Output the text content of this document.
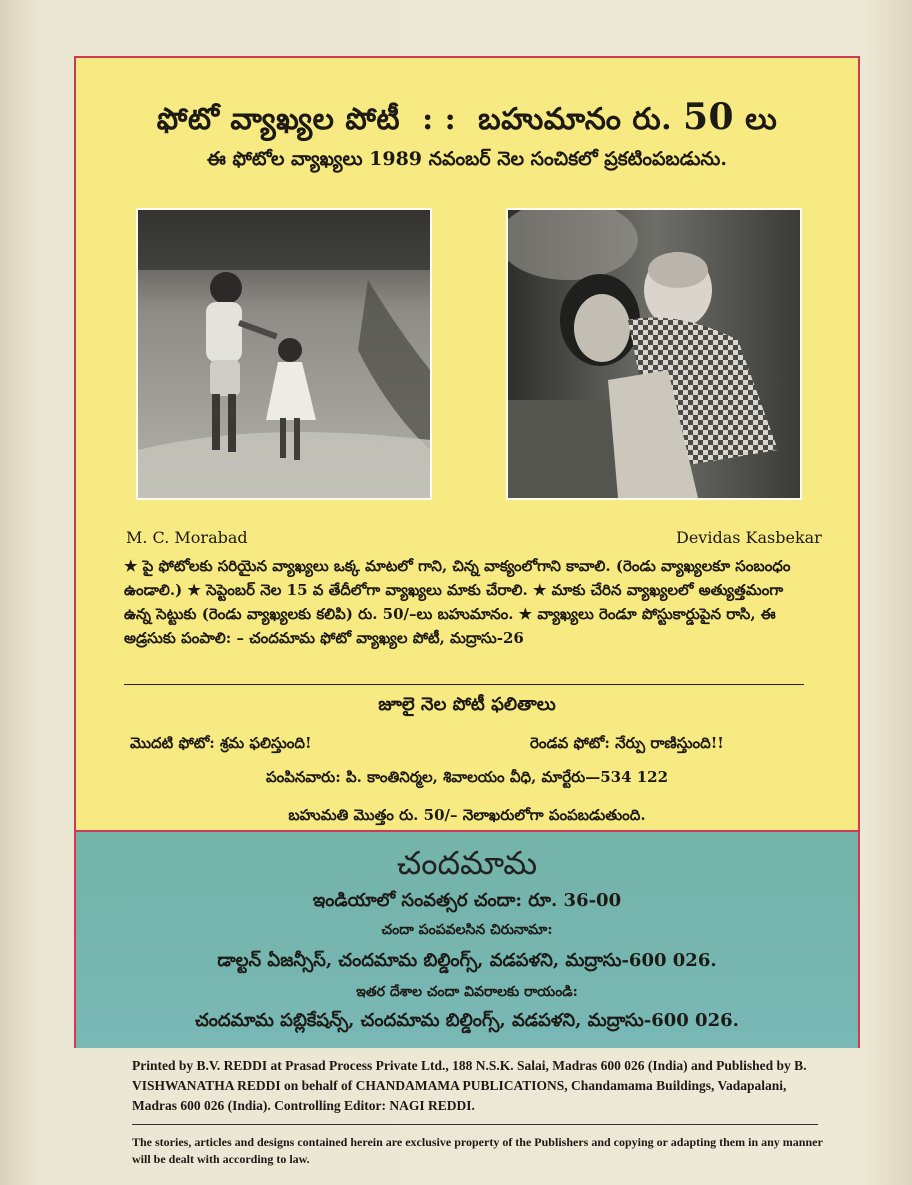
ఫోటో వ్యాఖ్యల పోటీ : : బహుమానం రు. 50 లు
ఈ ఫోటోల వ్యాఖ్యలు 1989 నవంబర్ నెల సంచికలో ప్రకటింపబడును.
M. C. Morabad	Devidas Kasbekar
★ పై ఫోటోలకు సరియైన వ్యాఖ్యలు ఒక్క మాటలో గాని, చిన్న వాక్యంలోగాని కావాలి. (రెండు వ్యాఖ్యలకూ సంబంధం ఉండాలి.) ★ సెప్టెంబర్ నెల 15 వ తేదీలోగా వ్యాఖ్యలు మాకు చేరాలి. ★ మాకు చేరిన వ్యాఖ్యలలో అత్యుత్తమంగా ఉన్న సెట్టుకు (రెండు వ్యాఖ్యలకు కలిపి) రు. 50/–లు బహుమానం. ★ వ్యాఖ్యలు రెండూ పోస్టుకార్డుపైన రాసి, ఈ అడ్రసుకు పంపాలి: – చందమామ ఫోటో వ్యాఖ్యల పోటీ, మద్రాసు-26
జూలై నెల పోటీ ఫలితాలు
మొదటి ఫోటో: శ్రమ ఫలిస్తుంది!	రెండవ ఫోటో: నేర్పు రాణిస్తుంది!!
పంపినవారు: పి. కాంతినిర్మల, శివాలయం వీధి, మార్టేరు—534 122
బహుమతి మొత్తం రు. 50/– నెలాఖరులోగా పంపబడుతుంది.
చందమామ
ఇండియాలో సంవత్సర చందా: రూ. 36-00
చందా పంపవలసిన చిరునామా:
డాల్టన్ ఏజన్సీస్, చందమామ బిల్డింగ్స్, వడపళని, మద్రాసు-600 026.
ఇతర దేశాల చందా వివరాలకు రాయండి:
చందమామ పబ్లికేషన్స్, చందమామ బిల్డింగ్స్, వడపళని, మద్రాసు-600 026.
Printed by B.V. REDDI at Prasad Process Private Ltd., 188 N.S.K. Salai, Madras 600 026 (India) and Published by B. VISHWANATHA REDDI on behalf of CHANDAMAMA PUBLICATIONS, Chandamama Buildings, Vadapalani, Madras 600 026 (India). Controlling Editor: NAGI REDDI.
The stories, articles and designs contained herein are exclusive property of the Publishers and copying or adapting them in any manner will be dealt with according to law.
